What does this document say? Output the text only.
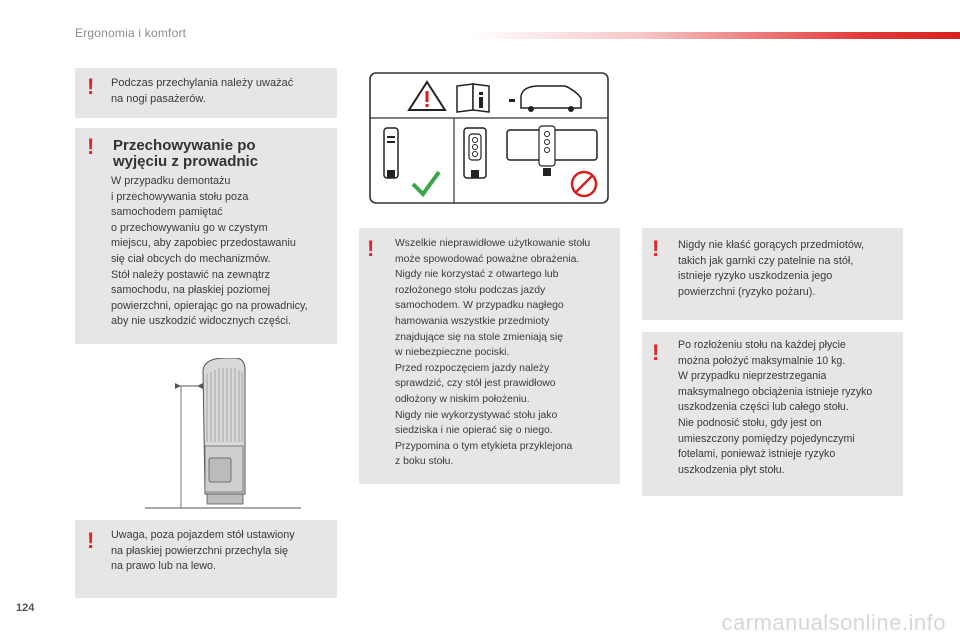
Ergonomia i komfort
! Podczas przechylania należy uważać
na nogi pasażerów.
! Przechowywanie po
wyjęciu z prowadnic
W przypadku demontażu
i przechowywania stołu poza
samochodem pamiętać
o przechowywaniu go w czystym
miejscu, aby zapobiec przedostawaniu
się ciał obcych do mechanizmów.
Stół należy postawić na zewnątrz
samochodu, na płaskiej poziomej
powierzchni, opierając go na prowadnicy,
aby nie uszkodzić widocznych części.
! Uwaga, poza pojazdem stół ustawiony
na płaskiej powierzchni przechyla się
na prawo lub na lewo.
! Wszelkie nieprawidłowe użytkowanie stołu
może spowodować poważne obrażenia.
Nigdy nie korzystać z otwartego lub
rozłożonego stołu podczas jazdy
samochodem. W przypadku nagłego
hamowania wszystkie przedmioty
znajdujące się na stole zmieniają się
w niebezpieczne pociski.
Przed rozpoczęciem jazdy należy
sprawdzić, czy stół jest prawidłowo
odłożony w niskim położeniu.
Nigdy nie wykorzystywać stołu jako
siedziska i nie opierać się o niego.
Przypomina o tym etykieta przyklejona
z boku stołu.
! Nigdy nie kłaść gorących przedmiotów,
takich jak garnki czy patelnie na stół,
istnieje ryzyko uszkodzenia jego
powierzchni (ryzyko pożaru).
! Po rozłożeniu stołu na każdej płycie
można położyć maksymalnie 10 kg.
W przypadku nieprzestrzegania
maksymalnego obciążenia istnieje ryzyko
uszkodzenia części lub całego stołu.
Nie podnosić stołu, gdy jest on
umieszczony pomiędzy pojedynczymi
fotelami, ponieważ istnieje ryzyko
uszkodzenia płyt stołu.
124
carmanualsonline.info
